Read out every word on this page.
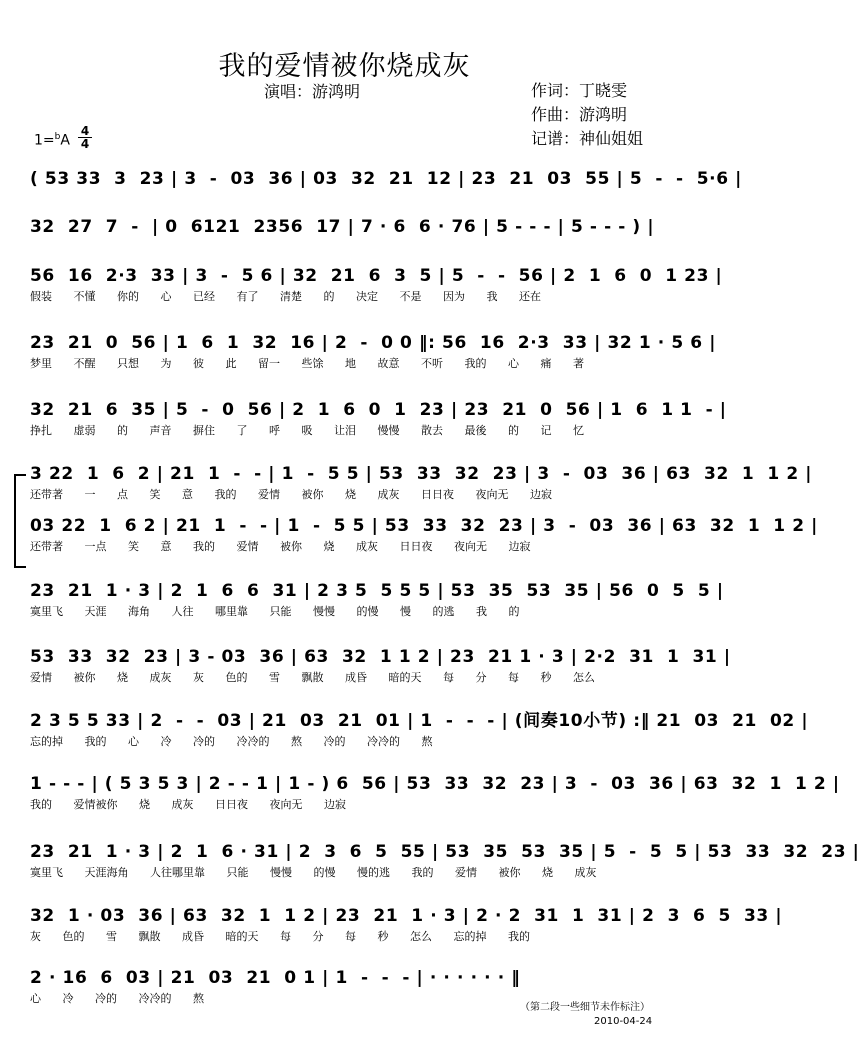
我的爱情被你烧成灰
演唱：游鸿明	作词：丁晓雯
作曲：游鸿明
记谱：神仙姐姐
1=$^b$A
4
4
( 53 33  3  23 | 3  -  03  36 | 03  32  21  12 | 23  21  03  55 | 5  -  -  5·6 |
32  27  7  -  | 0  6121  2356  17 | 7 · 6  6 · 76 | 5 - - - | 5 - - - ) |
56  16  2·3  33 | 3  -  5 6 | 32  21  6  3  5 | 5  -  -  56 | 2  1  6  0  1 23 |
假装 不懂 你的 心 已经 有了 清楚 的 决定 不是 因为 我 还在
23  21  0  56 | 1  6  1  32  16 | 2  -  0 0 ‖: 56  16  2·3  33 | 32 1 · 5 6 |
梦里 不醒 只想 为 彼 此 留一 些馀 地 故意 不听 我的 心 痛 著
32  21  6  35 | 5  -  0  56 | 2  1  6  0  1  23 | 23  21  0  56 | 1  6  1 1  - |
挣扎 虚弱 的 声音 摒住 了 呼 吸 让泪 慢慢 散去 最後 的 记 忆
3 22  1  6  2 | 21  1  -  - | 1  -  5 5 | 53  33  32  23 | 3  -  03  36 | 63  32  1  1 2 |
还带著 一 点 笑 意 我的 爱情 被你 烧 成灰 日日夜 夜向无 边寂
03 22  1  6 2 | 21  1  -  - | 1  -  5 5 | 53  33  32  23 | 3  -  03  36 | 63  32  1  1 2 |
还带著 一点 笑 意 我的 爱情 被你 烧 成灰 日日夜 夜向无 边寂
23  21  1 · 3 | 2  1  6  6  31 | 2 3 5  5 5 5 | 53  35  53  35 | 56  0  5  5 |
寞里飞 天涯 海角 人往 哪里靠 只能 慢慢 的慢 慢 的逃 我 的
53  33  32  23 | 3 - 03  36 | 63  32  1 1 2 | 23  21 1 · 3 | 2·2  31  1  31 |
爱情 被你 烧 成灰 灰 色的 雪 飘散 成昏 暗的天 每 分 每 秒 怎么
2 3 5 5 33 | 2  -  -  03 | 21  03  21  01 | 1  -  -  - | (间奏10小节) :‖ 21  03  21  02 |
忘的掉 我的 心 冷 冷的 冷冷的 熬 冷的 冷冷的 熬
1 - - - | ( 5 3 5 3 | 2 - - 1 | 1 - ) 6  56 | 53  33  32  23 | 3  -  03  36 | 63  32  1  1 2 |
我的 爱情被你 烧 成灰 日日夜 夜向无 边寂
23  21  1 · 3 | 2  1  6 · 31 | 2  3  6  5  55 | 53  35  53  35 | 5  -  5  5 | 53  33  32  23 |
寞里飞 天涯海角 人往哪里靠 只能 慢慢 的慢 慢的逃 我的 爱情 被你 烧 成灰
32  1 · 03  36 | 63  32  1  1 2 | 23  21  1 · 3 | 2 · 2  31  1  31 | 2  3  6  5  33 |
灰 色的 雪 飘散 成昏 暗的天 每 分 每 秒 怎么 忘的掉 我的
2 · 16  6  03 | 21  03  21  0 1 | 1  -  -  - | · · · · · · ‖
心 冷 冷的 冷冷的 熬
（第二段一些细节未作标注）
2010-04-24
